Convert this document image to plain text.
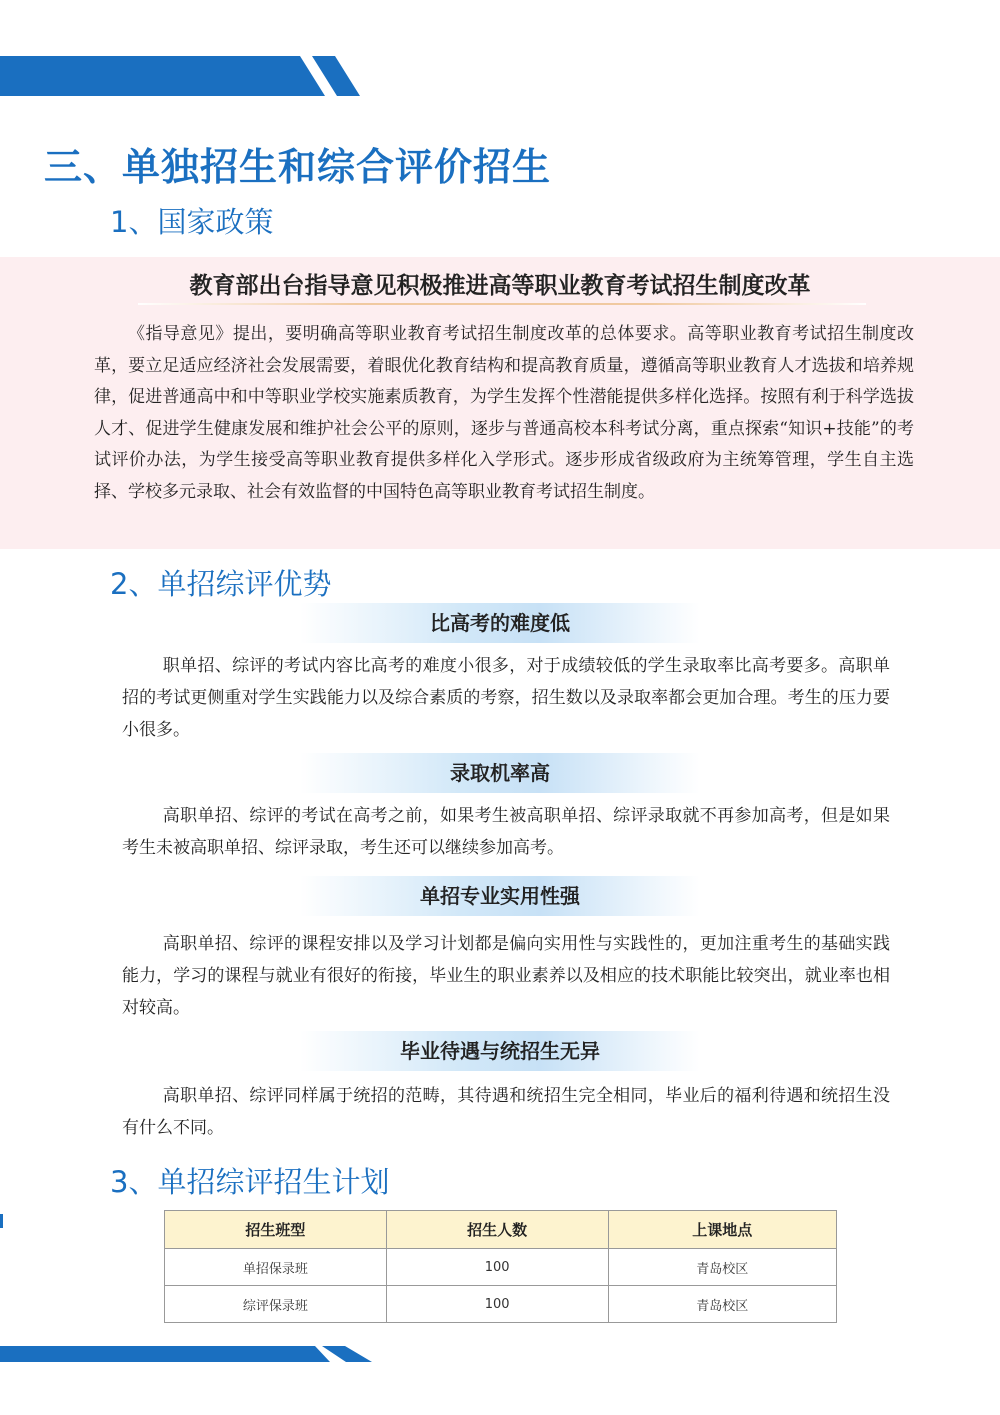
三、单独招生和综合评价招生
1、国家政策
教育部出台指导意见积极推进高等职业教育考试招生制度改革
《指导意见》提出，要明确高等职业教育考试招生制度改革的总体要求。高等职业教育考试招生制度改革，要立足适应经济社会发展需要，着眼优化教育结构和提高教育质量，遵循高等职业教育人才选拔和培养规律，促进普通高中和中等职业学校实施素质教育，为学生发挥个性潜能提供多样化选择。按照有利于科学选拔人才、促进学生健康发展和维护社会公平的原则，逐步与普通高校本科考试分离，重点探索“知识+技能”的考试评价办法，为学生接受高等职业教育提供多样化入学形式。逐步形成省级政府为主统筹管理，学生自主选择、学校多元录取、社会有效监督的中国特色高等职业教育考试招生制度。
2、单招综评优势
比高考的难度低
职单招、综评的考试内容比高考的难度小很多，对于成绩较低的学生录取率比高考要多。高职单招的考试更侧重对学生实践能力以及综合素质的考察，招生数以及录取率都会更加合理。考生的压力要小很多。
录取机率高
高职单招、综评的考试在高考之前，如果考生被高职单招、综评录取就不再参加高考，但是如果考生未被高职单招、综评录取，考生还可以继续参加高考。
单招专业实用性强
高职单招、综评的课程安排以及学习计划都是偏向实用性与实践性的，更加注重考生的基础实践能力，学习的课程与就业有很好的衔接，毕业生的职业素养以及相应的技术职能比较突出，就业率也相对较高。
毕业待遇与统招生无异
高职单招、综评同样属于统招的范畴，其待遇和统招生完全相同，毕业后的福利待遇和统招生没有什么不同。
3、单招综评招生计划
招生班型	招生人数	上课地点
单招保录班	100	青岛校区
综评保录班	100	青岛校区
